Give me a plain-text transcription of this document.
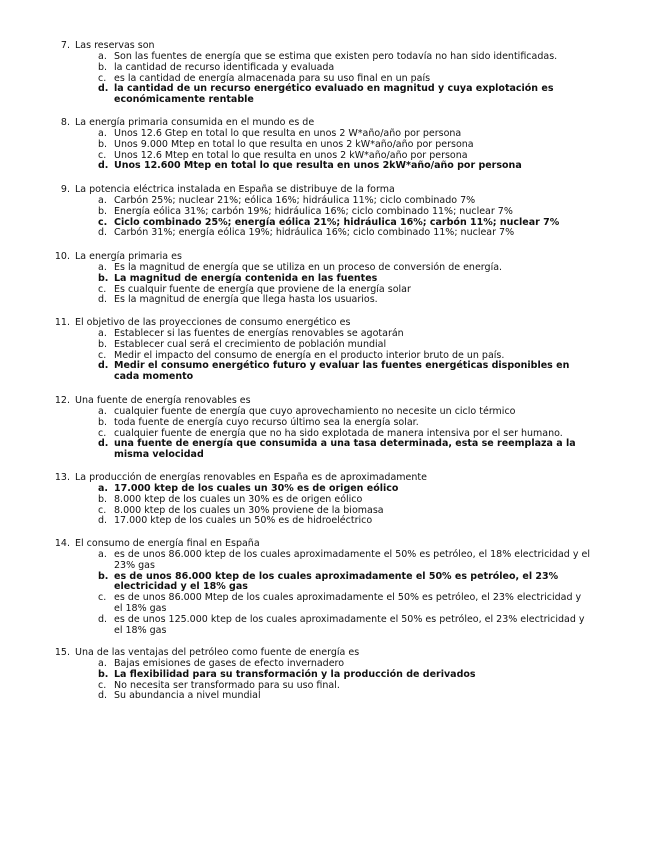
7. Las reservas son
a. Son las fuentes de energía que se estima que existen pero todavía no han sido identificadas.
b. la cantidad de recurso identificada y evaluada
c. es la cantidad de energía almacenada para su uso final en un país
d. la cantidad de un recurso energético evaluado en magnitud y cuya explotación es económicamente rentable
8. La energía primaria consumida en el mundo es de
a. Unos 12.6 Gtep en total lo que resulta en unos 2 W*año/año por persona
b. Unos 9.000 Mtep en total lo que resulta en unos 2 kW*año/año por persona
c. Unos 12.6 Mtep en total lo que resulta en unos 2 kW*año/año por persona
d. Unos 12.600 Mtep en total lo que resulta en unos 2kW*año/año por persona
9. La potencia eléctrica instalada en España se distribuye de la forma
a. Carbón 25%; nuclear 21%; eólica 16%; hidráulica 11%; ciclo combinado 7%
b. Energía eólica 31%; carbón 19%; hidráulica 16%; ciclo combinado 11%; nuclear 7%
c. Ciclo combinado 25%; energía eólica 21%; hidráulica 16%; carbón 11%; nuclear 7%
d. Carbón 31%; energía eólica 19%; hidráulica 16%; ciclo combinado 11%; nuclear 7%
10. La energía primaria es
a. Es la magnitud de energía que se utiliza en un proceso de conversión de energía.
b. La magnitud de energía contenida en las fuentes
c. Es cualquir fuente de energía que proviene de la energía solar
d. Es la magnitud de energía que llega hasta los usuarios.
11. El objetivo de las proyecciones de consumo energético es
a. Establecer si las fuentes de energías renovables se agotarán
b. Establecer cual será el crecimiento de población mundial
c. Medir el impacto del consumo de energía en el producto interior bruto de un país.
d. Medir el consumo energético futuro y evaluar las fuentes energéticas disponibles en cada momento
12. Una fuente de energía renovables es
a. cualquier fuente de energía que cuyo aprovechamiento no necesite un ciclo térmico
b. toda fuente de energía cuyo recurso último sea la energía solar.
c. cualquier fuente de energía que no ha sido explotada de manera intensiva por el ser humano.
d. una fuente de energía que consumida a una tasa determinada, esta se reemplaza a la misma velocidad
13. La producción de energías renovables en España es de aproximadamente
a. 17.000 ktep de los cuales un 30% es de origen eólico
b. 8.000 ktep de los cuales un 30% es de origen eólico
c. 8.000 ktep de los cuales un 30% proviene de la biomasa
d. 17.000 ktep de los cuales un 50% es de hidroeléctrico
14. El consumo de energía final en España
a. es de unos 86.000 ktep de los cuales aproximadamente el 50% es petróleo, el 18% electricidad y el 23% gas
b. es de unos 86.000 ktep de los cuales aproximadamente el 50% es petróleo, el 23% electricidad y el 18% gas
c. es de unos 86.000 Mtep de los cuales aproximadamente el 50% es petróleo, el 23% electricidad y el 18% gas
d. es de unos 125.000 ktep de los cuales aproximadamente el 50% es petróleo, el 23% electricidad y el 18% gas
15. Una de las ventajas del petróleo como fuente de energía es
a. Bajas emisiones de gases de efecto invernadero
b. La flexibilidad para su transformación y la producción de derivados
c. No necesita ser transformado para su uso final.
d. Su abundancia a nivel mundial
